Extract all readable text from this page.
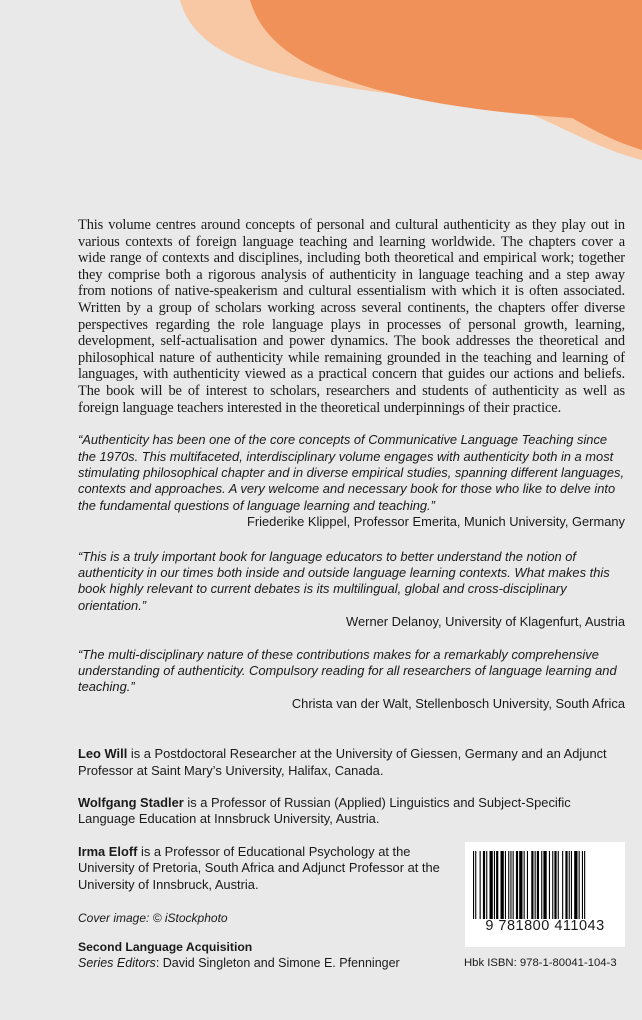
This volume centres around concepts of personal and cultural authenticity as they play out in various contexts of foreign language teaching and learning worldwide. The chapters cover a wide range of contexts and disciplines, including both theoretical and empirical work; together they comprise both a rigorous analysis of authenticity in language teaching and a step away from notions of native-speakerism and cultural essentialism with which it is often associated. Written by a group of scholars working across several continents, the chapters offer diverse perspectives regarding the role language plays in processes of personal growth, learning, development, self-actualisation and power dynamics. The book addresses the theoretical and philosophical nature of authenticity while remaining grounded in the teaching and learning of languages, with authenticity viewed as a practical concern that guides our actions and beliefs. The book will be of interest to scholars, researchers and students of authenticity as well as foreign language teachers interested in the theoretical underpinnings of their practice.

“Authenticity has been one of the core concepts of Communicative Language Teaching since the 1970s. This multifaceted, interdisciplinary volume engages with authenticity both in a most stimulating philosophical chapter and in diverse empirical studies, spanning different languages, contexts and approaches. A very welcome and necessary book for those who like to delve into the fundamental questions of language learning and teaching.”

Friederike Klippel, Professor Emerita, Munich University, Germany

“This is a truly important book for language educators to better understand the notion of authenticity in our times both inside and outside language learning contexts. What makes this book highly relevant to current debates is its multilingual, global and cross-disciplinary orientation.”

Werner Delanoy, University of Klagenfurt, Austria

“The multi-disciplinary nature of these contributions makes for a remarkably comprehensive understanding of authenticity. Compulsory reading for all researchers of language learning and teaching.”

Christa van der Walt, Stellenbosch University, South Africa

Leo Will is a Postdoctoral Researcher at the University of Giessen, Germany and an Adjunct Professor at Saint Mary’s University, Halifax, Canada.

Wolfgang Stadler is a Professor of Russian (Applied) Linguistics and Subject-Specific Language Education at Innsbruck University, Austria.

Irma Eloff is a Professor of Educational Psychology at the University of Pretoria, South Africa and Adjunct Professor at the University of Innsbruck, Austria.

Cover image: © iStockphoto
Second Language Acquisition
Series Editors: David Singleton and Simone E. Pfenninger	Hbk ISBN: 978-1-80041-104-3
9 781800 411043
